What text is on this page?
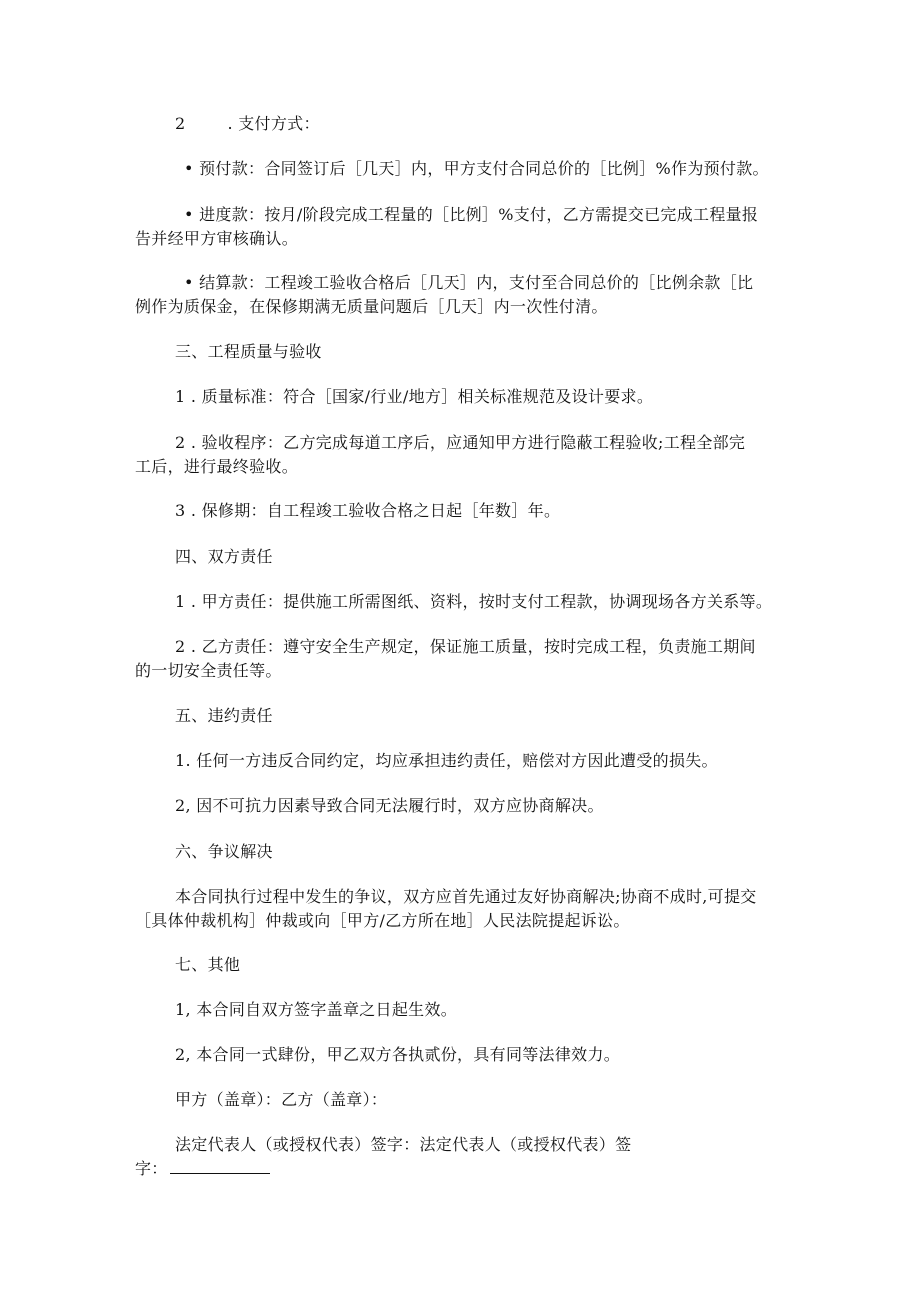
2	. 支付方式：
• 预付款：合同签订后［几天］内，甲方支付合同总价的［比例］%作为预付款。
• 进度款：按月/阶段完成工程量的［比例］%支付，乙方需提交已完成工程量报
告并经甲方审核确认。
• 结算款：工程竣工验收合格后［几天］内，支付至合同总价的［比例余款［比
例作为质保金，在保修期满无质量问题后［几天］内一次性付清。
三、工程质量与验收
1 . 质量标准：符合［国家/行业/地方］相关标准规范及设计要求。
2 . 验收程序：乙方完成每道工序后，应通知甲方进行隐蔽工程验收;工程全部完
工后，进行最终验收。
3 . 保修期：自工程竣工验收合格之日起［年数］年。
四、双方责任
1 . 甲方责任：提供施工所需图纸、资料，按时支付工程款，协调现场各方关系等。
2 . 乙方责任：遵守安全生产规定，保证施工质量，按时完成工程，负责施工期间
的一切安全责任等。
五、违约责任
1. 任何一方违反合同约定，均应承担违约责任，赔偿对方因此遭受的损失。
2, 因不可抗力因素导致合同无法履行时，双方应协商解决。
六、争议解决
本合同执行过程中发生的争议，双方应首先通过友好协商解决;协商不成时,可提交
［具体仲裁机构］仲裁或向［甲方/乙方所在地］人民法院提起诉讼。
七、其他
1, 本合同自双方签字盖章之日起生效。
2, 本合同一式肆份，甲乙双方各执贰份，具有同等法律效力。
甲方（盖章）：乙方（盖章）：
法定代表人（或授权代表）签字：法定代表人（或授权代表）签
字：
